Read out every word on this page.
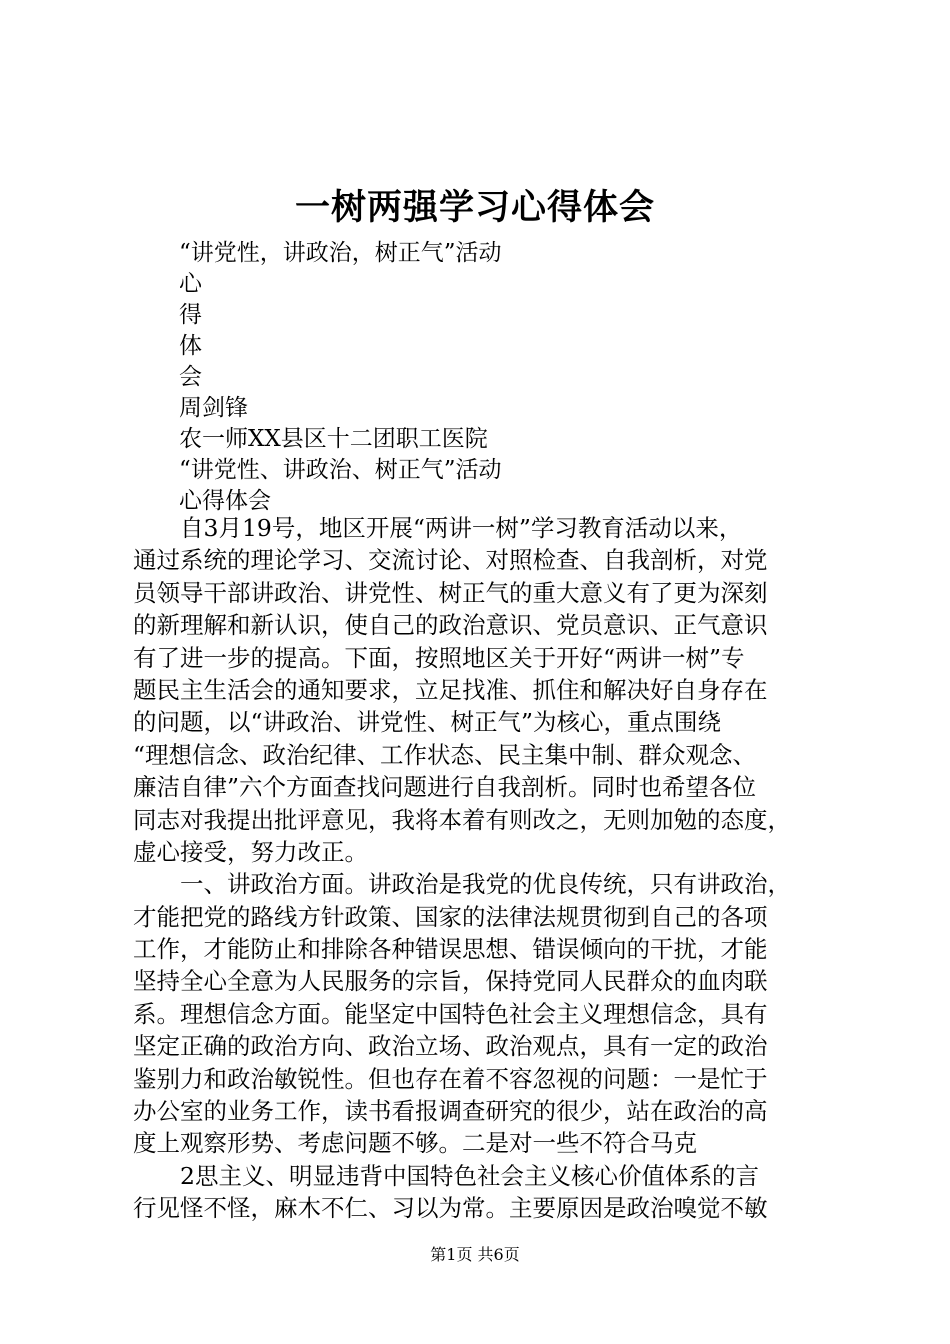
一树两强学习心得体会
“讲党性，讲政治，树正气”活动
心
得
体
会
周剑锋
农一师XX县区十二团职工医院
“讲党性、讲政治、树正气”活动
心得体会
自3月19号，地区开展“两讲一树”学习教育活动以来，
通过系统的理论学习、交流讨论、对照检查、自我剖析，对党
员领导干部讲政治、讲党性、树正气的重大意义有了更为深刻
的新理解和新认识，使自己的政治意识、党员意识、正气意识
有了进一步的提高。下面，按照地区关于开好“两讲一树”专
题民主生活会的通知要求，立足找准、抓住和解决好自身存在
的问题，以“讲政治、讲党性、树正气”为核心，重点围绕
“理想信念、政治纪律、工作状态、民主集中制、群众观念、
廉洁自律”六个方面查找问题进行自我剖析。同时也希望各位
同志对我提出批评意见，我将本着有则改之，无则加勉的态度，
虚心接受，努力改正。
一、讲政治方面。讲政治是我党的优良传统，只有讲政治，
才能把党的路线方针政策、国家的法律法规贯彻到自己的各项
工作，才能防止和排除各种错误思想、错误倾向的干扰，才能
坚持全心全意为人民服务的宗旨，保持党同人民群众的血肉联
系。理想信念方面。能坚定中国特色社会主义理想信念，具有
坚定正确的政治方向、政治立场、政治观点，具有一定的政治
鉴别力和政治敏锐性。但也存在着不容忽视的问题：一是忙于
办公室的业务工作，读书看报调查研究的很少，站在政治的高
度上观察形势、考虑问题不够。二是对一些不符合马克
2思主义、明显违背中国特色社会主义核心价值体系的言
行见怪不怪，麻木不仁、习以为常。主要原因是政治嗅觉不敏
第1页 共6页
